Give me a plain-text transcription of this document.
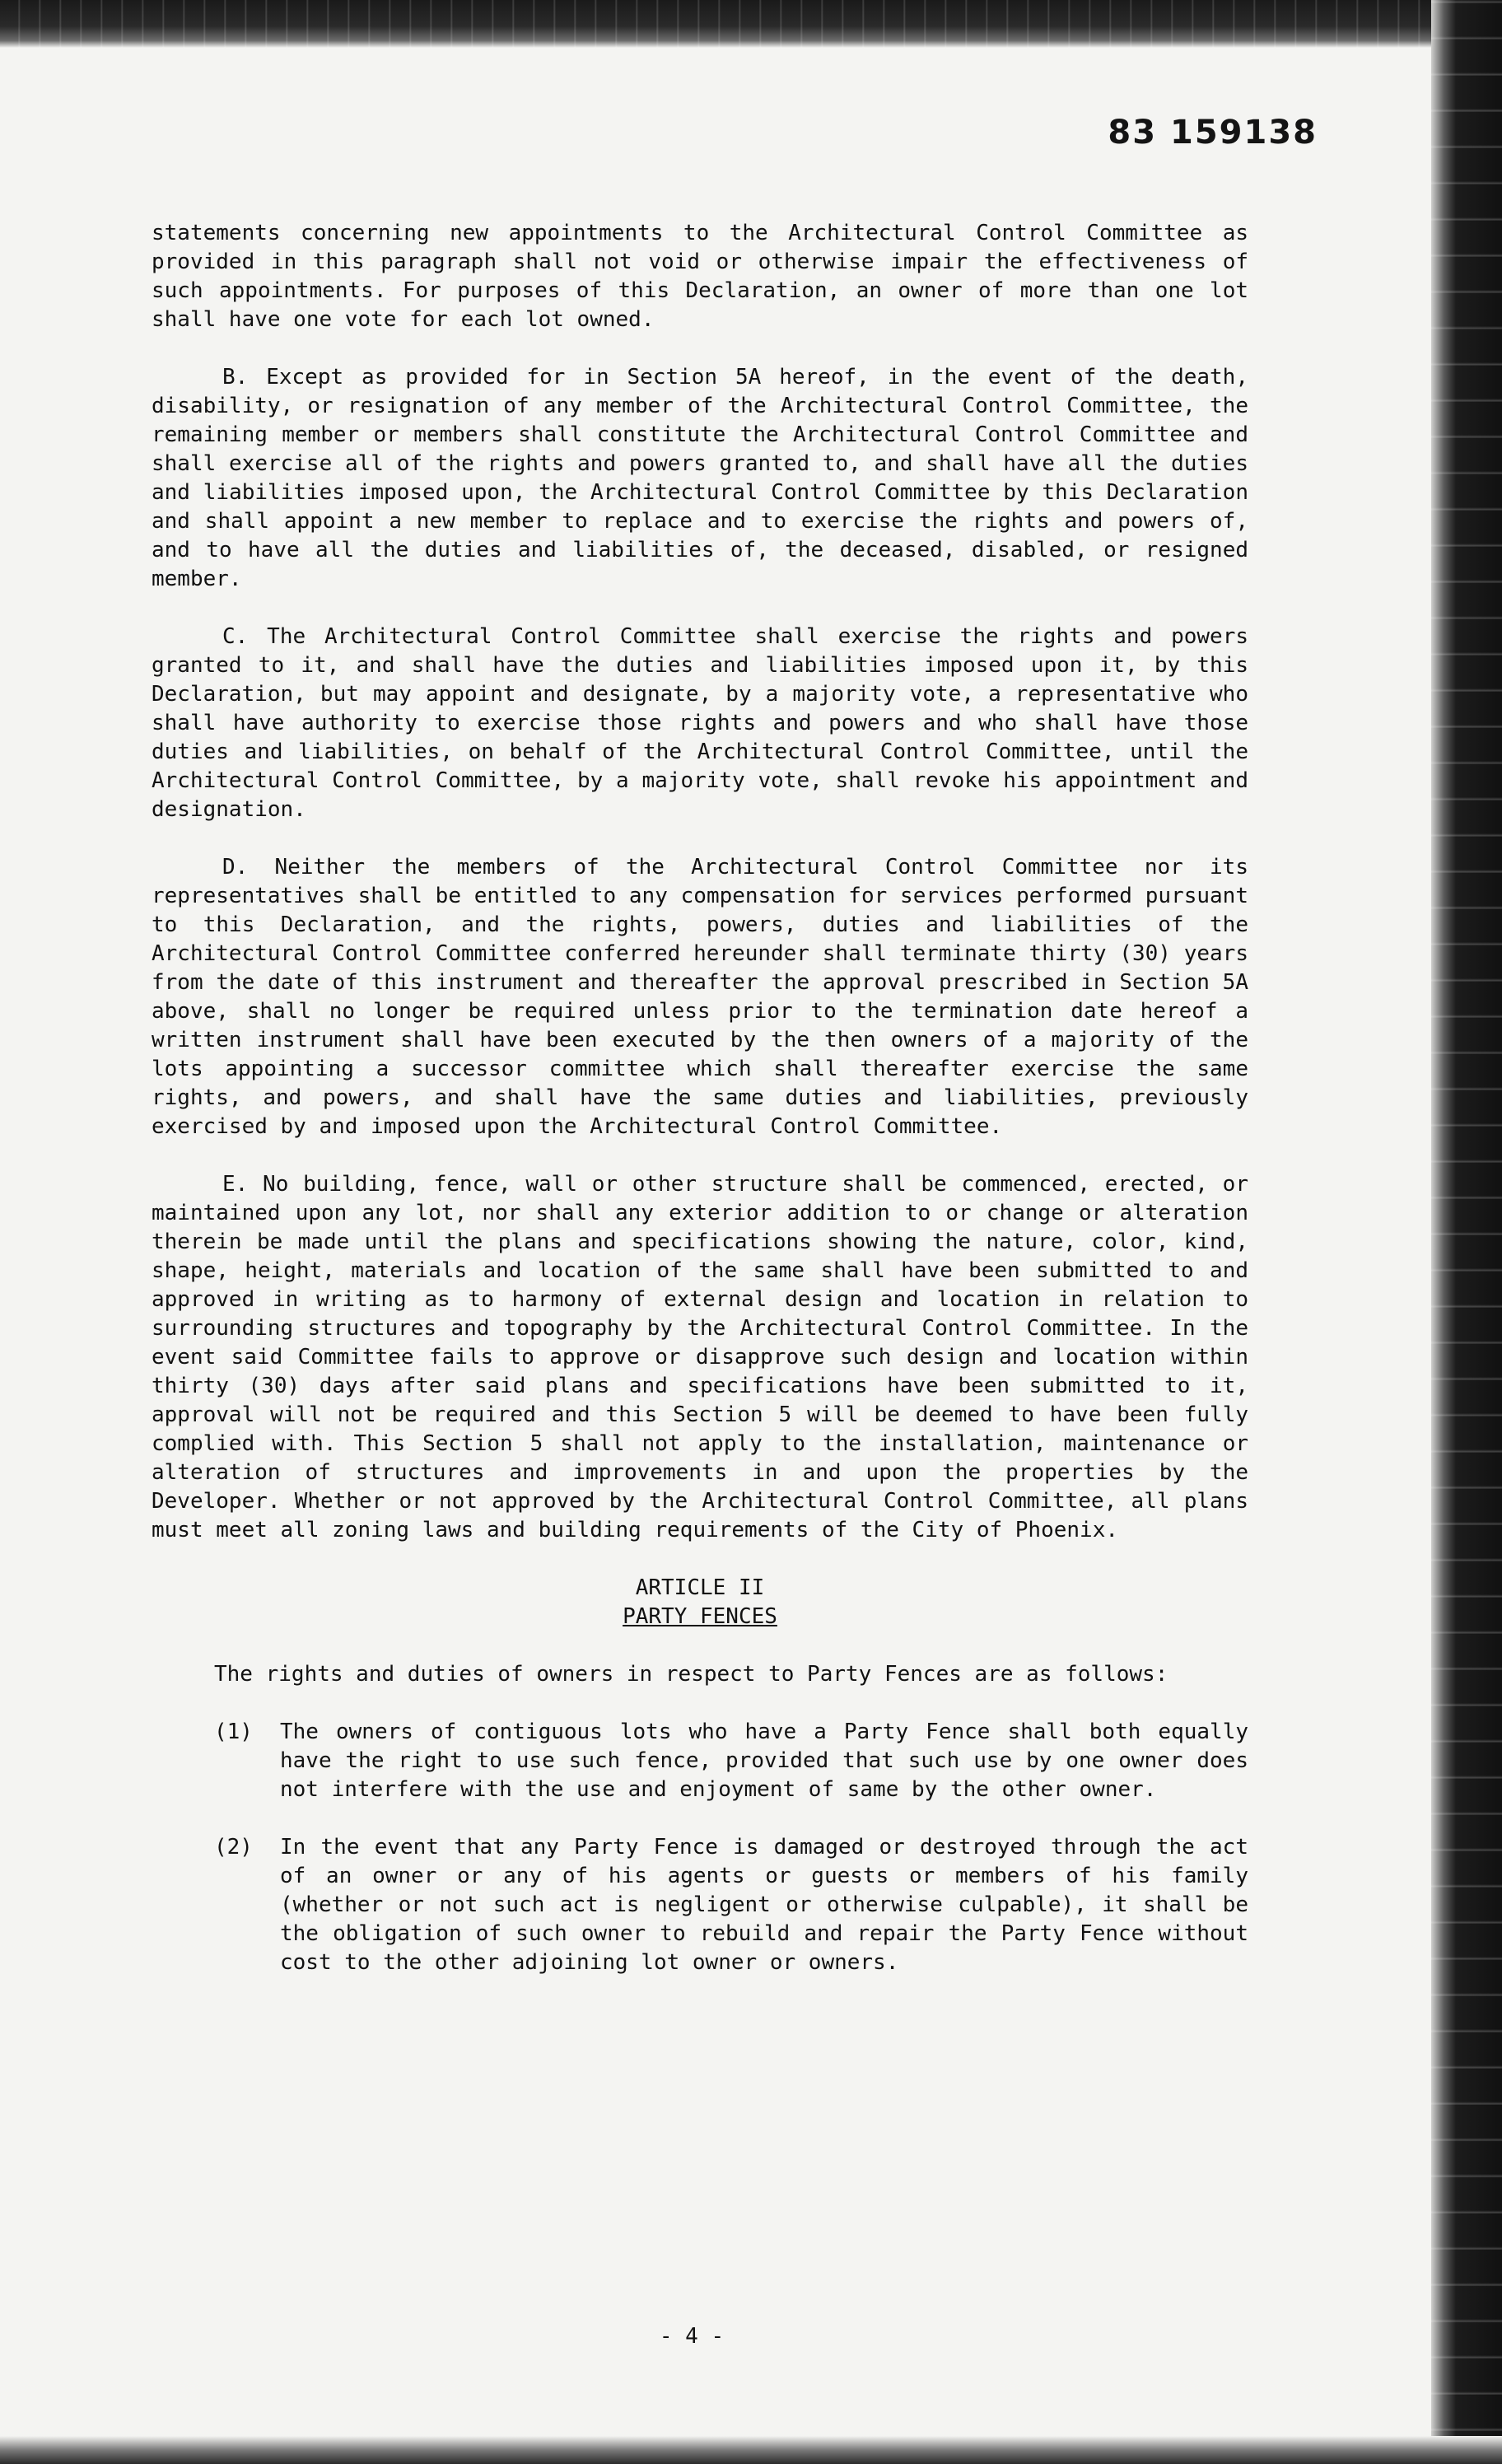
83 159138

statements concerning new appointments to the Architectural Control Committee as provided in this paragraph shall not void or otherwise impair the effectiveness of such appointments. For purposes of this Declaration, an owner of more than one lot shall have one vote for each lot owned.

B. Except as provided for in Section 5A hereof, in the event of the death, disability, or resignation of any member of the Architectural Control Committee, the remaining member or members shall constitute the Architectural Control Committee and shall exercise all of the rights and powers granted to, and shall have all the duties and liabilities imposed upon, the Architectural Control Committee by this Declaration and shall appoint a new member to replace and to exercise the rights and powers of, and to have all the duties and liabilities of, the deceased, disabled, or resigned member.

C. The Architectural Control Committee shall exercise the rights and powers granted to it, and shall have the duties and liabilities imposed upon it, by this Declaration, but may appoint and designate, by a majority vote, a representative who shall have authority to exercise those rights and powers and who shall have those duties and liabilities, on behalf of the Architectural Control Committee, until the Architectural Control Committee, by a majority vote, shall revoke his appointment and designation.

D. Neither the members of the Architectural Control Committee nor its representatives shall be entitled to any compensation for services performed pursuant to this Declaration, and the rights, powers, duties and liabilities of the Architectural Control Committee conferred hereunder shall terminate thirty (30) years from the date of this instrument and thereafter the approval prescribed in Section 5A above, shall no longer be required unless prior to the termination date hereof a written instrument shall have been executed by the then owners of a majority of the lots appointing a successor committee which shall thereafter exercise the same rights, and powers, and shall have the same duties and liabilities, previously exercised by and imposed upon the Architectural Control Committee.

E. No building, fence, wall or other structure shall be commenced, erected, or maintained upon any lot, nor shall any exterior addition to or change or alteration therein be made until the plans and specifications showing the nature, color, kind, shape, height, materials and location of the same shall have been submitted to and approved in writing as to harmony of external design and location in relation to surrounding structures and topography by the Architectural Control Committee. In the event said Committee fails to approve or disapprove such design and location within thirty (30) days after said plans and specifications have been submitted to it, approval will not be required and this Section 5 will be deemed to have been fully complied with. This Section 5 shall not apply to the installation, maintenance or alteration of structures and improvements in and upon the properties by the Developer. Whether or not approved by the Architectural Control Committee, all plans must meet all zoning laws and building requirements of the City of Phoenix.

ARTICLE II

PARTY FENCES

The rights and duties of owners in respect to Party Fences are as follows:

(1)	The owners of contiguous lots who have a Party Fence shall both equally have the right to use such fence, provided that such use by one owner does not interfere with the use and enjoyment of same by the other owner.
(2)	In the event that any Party Fence is damaged or destroyed through the act of an owner or any of his agents or guests or members of his family (whether or not such act is negligent or otherwise culpable), it shall be the obligation of such owner to rebuild and repair the Party Fence without cost to the other adjoining lot owner or owners.
- 4 -
